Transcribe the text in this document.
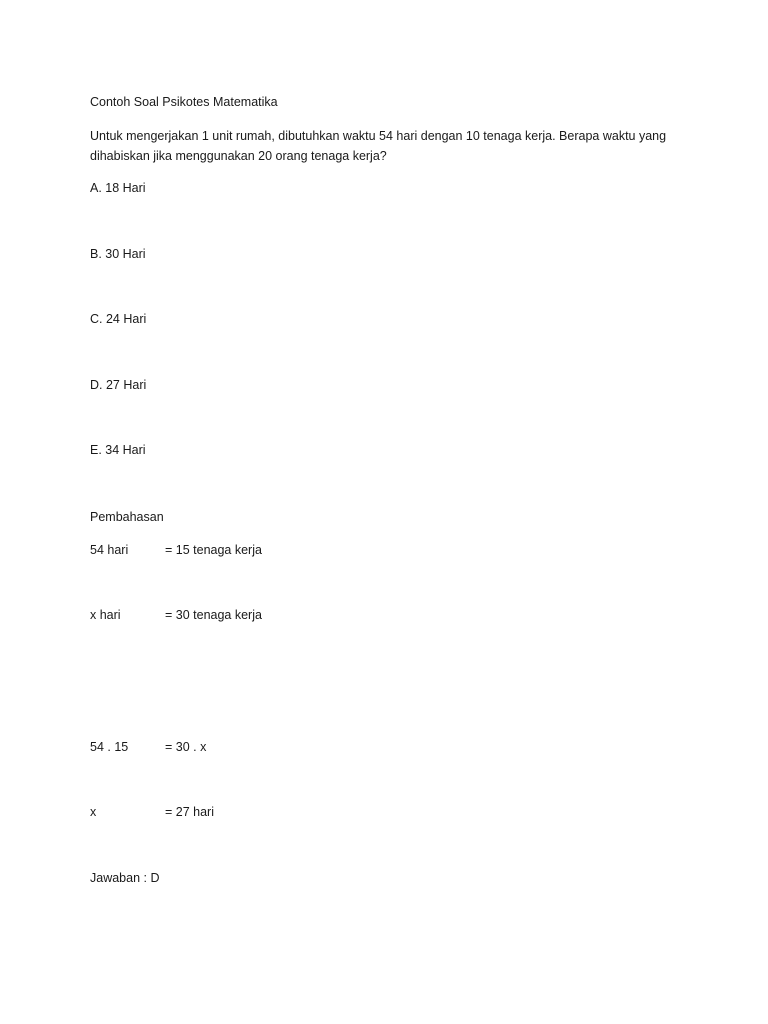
Contoh Soal Psikotes Matematika
Untuk mengerjakan 1 unit rumah, dibutuhkan waktu 54 hari dengan 10 tenaga kerja. Berapa waktu yang
dihabiskan jika menggunakan 20 orang tenaga kerja?
A. 18 Hari
B. 30 Hari
C. 24 Hari
D. 27 Hari
E. 34 Hari
Pembahasan
54 hari	= 15 tenaga kerja
x hari	= 30 tenaga kerja
54 . 15	= 30 . x
x	= 27 hari
Jawaban : D
